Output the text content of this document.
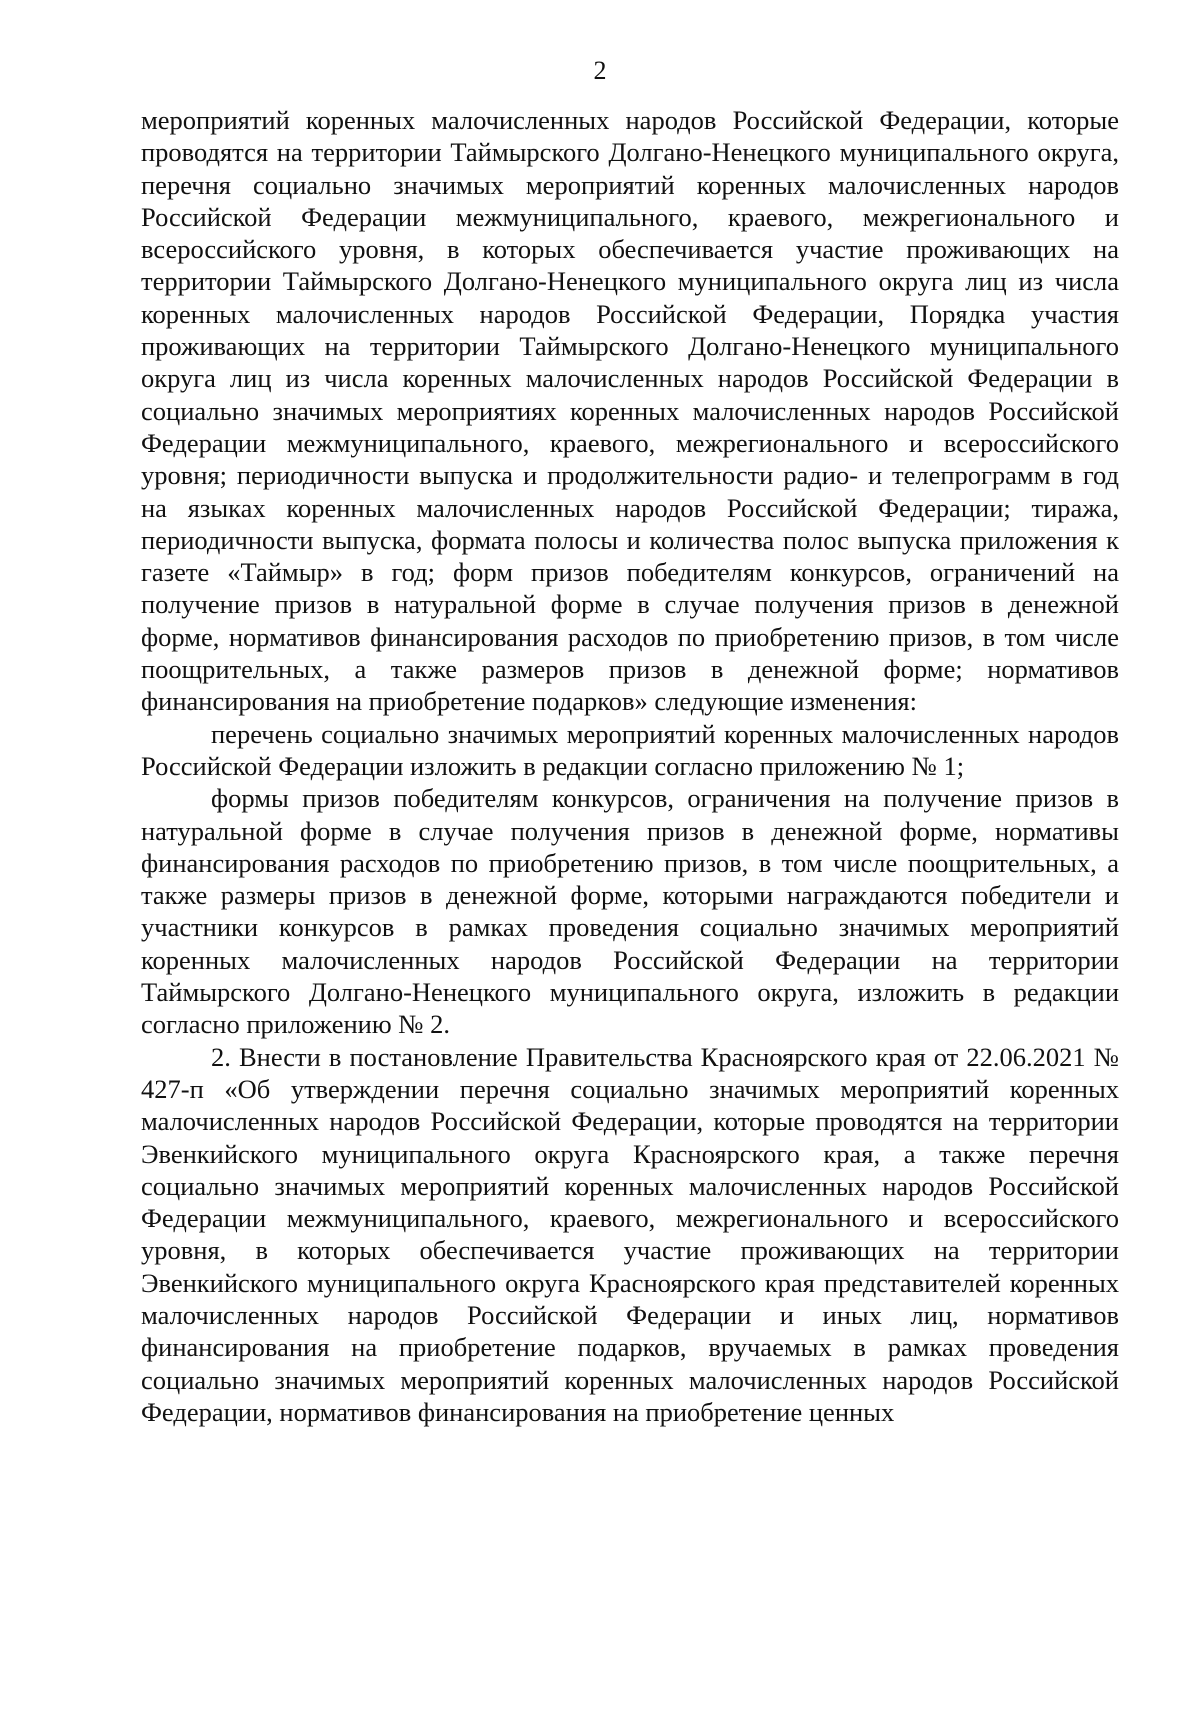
2

мероприятий коренных малочисленных народов Российской Федерации, которые проводятся на территории Таймырского Долгано-Ненецкого муниципального округа, перечня социально значимых мероприятий коренных малочисленных народов Российской Федерации межмуниципального, краевого, межрегионального и всероссийского уровня, в которых обеспечивается участие проживающих на территории Таймырского Долгано-Ненецкого муниципального округа лиц из числа коренных малочисленных народов Российской Федерации, Порядка участия проживающих на территории Таймырского Долгано-Ненецкого муниципального округа лиц из числа коренных малочисленных народов Российской Федерации в социально значимых мероприятиях коренных малочисленных народов Российской Федерации межмуниципального, краевого, межрегионального и всероссийского уровня; периодичности выпуска и продолжительности радио- и телепрограмм в год на языках коренных малочисленных народов Российской Федерации; тиража, периодичности выпуска, формата полосы и количества полос выпуска приложения к газете «Таймыр» в год; форм призов победителям конкурсов, ограничений на получение призов в натуральной форме в случае получения призов в денежной форме, нормативов финансирования расходов по приобретению призов, в том числе поощрительных, а также размеров призов в денежной форме; нормативов финансирования на приобретение подарков» следующие изменения:

перечень социально значимых мероприятий коренных малочисленных народов Российской Федерации изложить в редакции согласно приложению № 1;

формы призов победителям конкурсов, ограничения на получение призов в натуральной форме в случае получения призов в денежной форме, нормативы финансирования расходов по приобретению призов, в том числе поощрительных, а также размеры призов в денежной форме, которыми награждаются победители и участники конкурсов в рамках проведения социально значимых мероприятий коренных малочисленных народов Российской Федерации на территории Таймырского Долгано-Ненецкого муниципального округа, изложить в редакции согласно приложению № 2.

2. Внести в постановление Правительства Красноярского края от 22.06.2021 № 427-п «Об утверждении перечня социально значимых мероприятий коренных малочисленных народов Российской Федерации, которые проводятся на территории Эвенкийского муниципального округа Красноярского края, а также перечня социально значимых мероприятий коренных малочисленных народов Российской Федерации межмуниципального, краевого, межрегионального и всероссийского уровня, в которых обеспечивается участие проживающих на территории Эвенкийского муниципального округа Красноярского края представителей коренных малочисленных народов Российской Федерации и иных лиц, нормативов финансирования на приобретение подарков, вручаемых в рамках проведения социально значимых мероприятий коренных малочисленных народов Российской Федерации, нормативов финансирования на приобретение ценных
